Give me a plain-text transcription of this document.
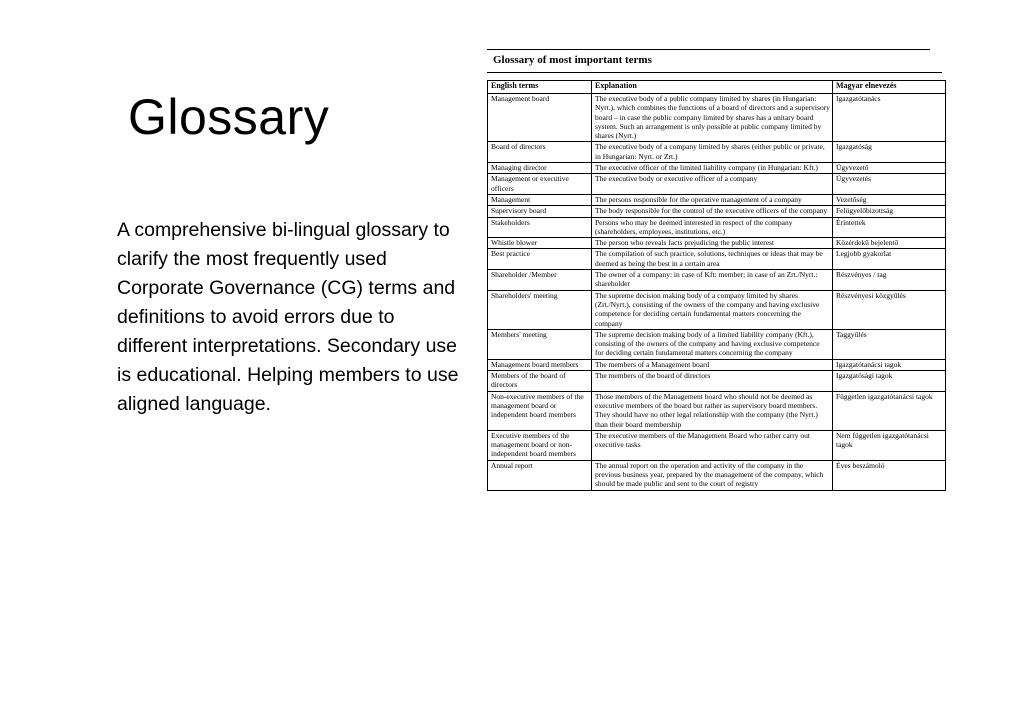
Glossary
A comprehensive bi-lingual glossary to clarify the most frequently used Corporate Governance (CG) terms and definitions to avoid errors due to different interpretations. Secondary use is educational. Helping members to use aligned language.
Glossary of most important terms
English terms	Explanation	Magyar elnevezés
Management board	The executive body of a public company limited by shares (in Hungarian: Nyrt.), which combines the functions of a board of directors and a supervisory board – in case the public company limited by shares has a unitary board system. Such an arrangement is only possible at public company limited by shares (Nyrt.)	Igazgatótanács
Board of directors	The executive body of a company limited by shares (either public or private, in Hungarian: Nyrt. or Zrt.)	Igazgatóság
Managing director	The executive officer of the limited liability company (in Hungarian: Kft.)	Ügyvezető
Management or executive officers	The executive body or executive officer of a company	Ügyvezetés
Management	The persons responsible for the operative management of a company	Vezetőség
Supervisory board	The body responsible for the control of the executive officers of the company	Felügyelőbizottság
Stakeholders	Persons who may be deemed interested in respect of the company (shareholders, employees, institutions, etc.)	Érintettek
Whistle blower	The person who reveals facts prejudicing the public interest	Közérdekű bejelentő
Best practice	The compilation of such practice, solutions, techniques or ideas that may be deemed as being the best in a certain area	Legjobb gyakorlat
Shareholder /Member	The owner of a company: in case of Kft: member; in case of an Zrt./Nyrt.: shareholder	Részvényes / tag
Shareholders' meeting	The supreme decision making body of a company limited by shares (Zrt./Nyrt.), consisting of the owners of the company and having exclusive competence for deciding certain fundamental matters concerning the company	Részvényesi közgyűlés
Members' meeting	The supreme decision making body of a limited liability company (Kft.), consisting of the owners of the company and having exclusive competence for deciding certain fundamental matters concerning the company	Taggyűlés
Management board members	The members of a Management board	Igazgatótanácsi tagok
Members of the board of directors	The members of the board of directors	Igazgatósági tagok
Non-executive members of the management board or independent board members	Those members of the Management board who should not be deemed as executive members of the board but rather as supervisory board members. They should have no other legal relationship with the company (the Nyrt.) than their board membership	Független igazgatótanácsi tagok
Executive members of the management board or non-independent board members	The executive members of the Management Board who rather carry out executive tasks	Nem független igazgatótanácsi tagok
Annual report	The annual report on the operation and activity of the company in the previous business year, prepared by the management of the company, which should be made public and sent to the court of registry	Éves beszámoló
